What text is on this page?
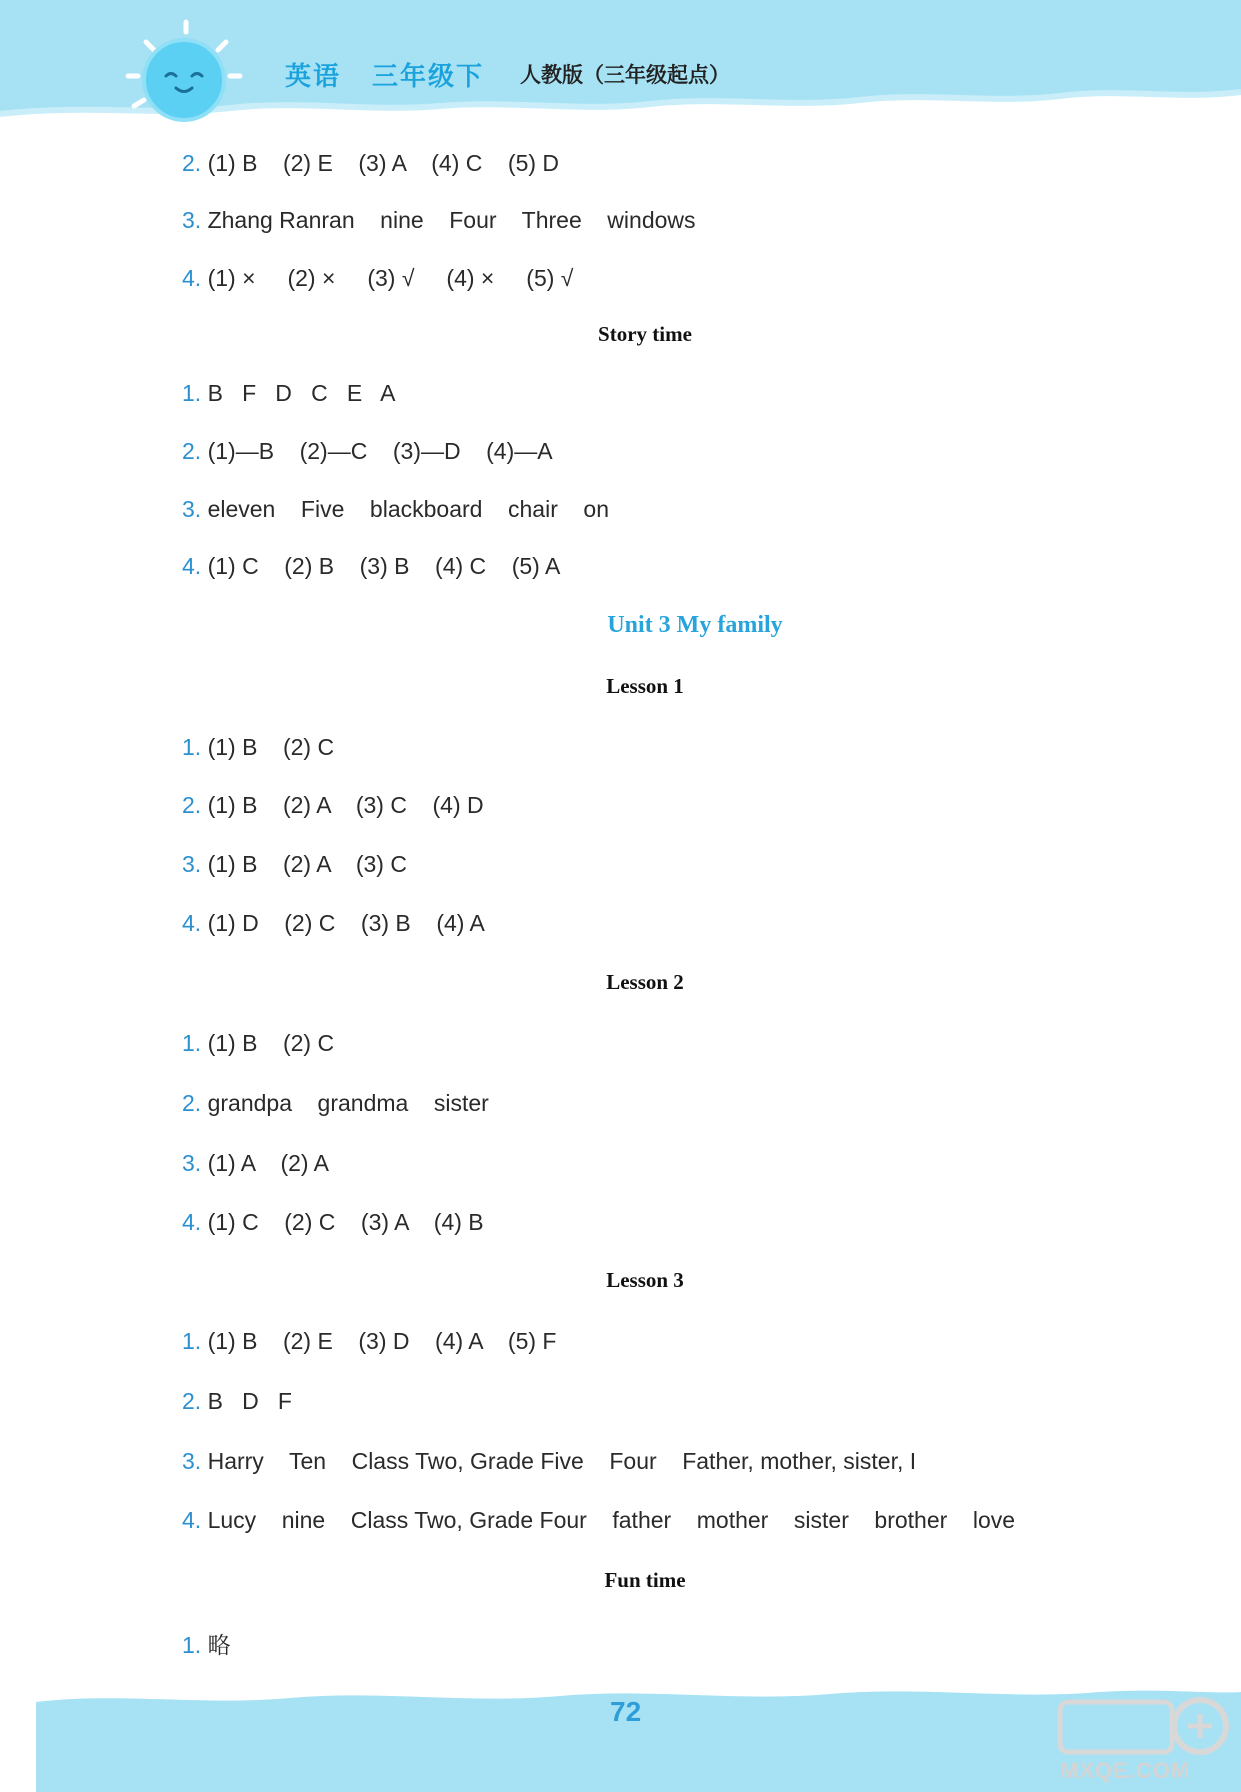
英语 三年级下 人教版（三年级起点）
2. (1) B    (2) E    (3) A    (4) C    (5) D
3. Zhang Ranran    nine    Four    Three    windows
4. (1) ×     (2) ×     (3) √     (4) ×     (5) √
Story time
1. B   F   D   C   E   A
2. (1)—B    (2)—C    (3)—D    (4)—A
3. eleven    Five    blackboard    chair    on
4. (1) C    (2) B    (3) B    (4) C    (5) A
Unit 3 My family
Lesson 1
1. (1) B    (2) C
2. (1) B    (2) A    (3) C    (4) D
3. (1) B    (2) A    (3) C
4. (1) D    (2) C    (3) B    (4) A
Lesson 2
1. (1) B    (2) C
2. grandpa    grandma    sister
3. (1) A    (2) A
4. (1) C    (2) C    (3) A    (4) B
Lesson 3
1. (1) B    (2) E    (3) D    (4) A    (5) F
2. B   D   F
3. Harry    Ten    Class Two, Grade Five    Four    Father, mother, sister, I
4. Lucy    nine    Class Two, Grade Four    father    mother    sister    brother    love
Fun time
1. 略
72
MXQE.COM
